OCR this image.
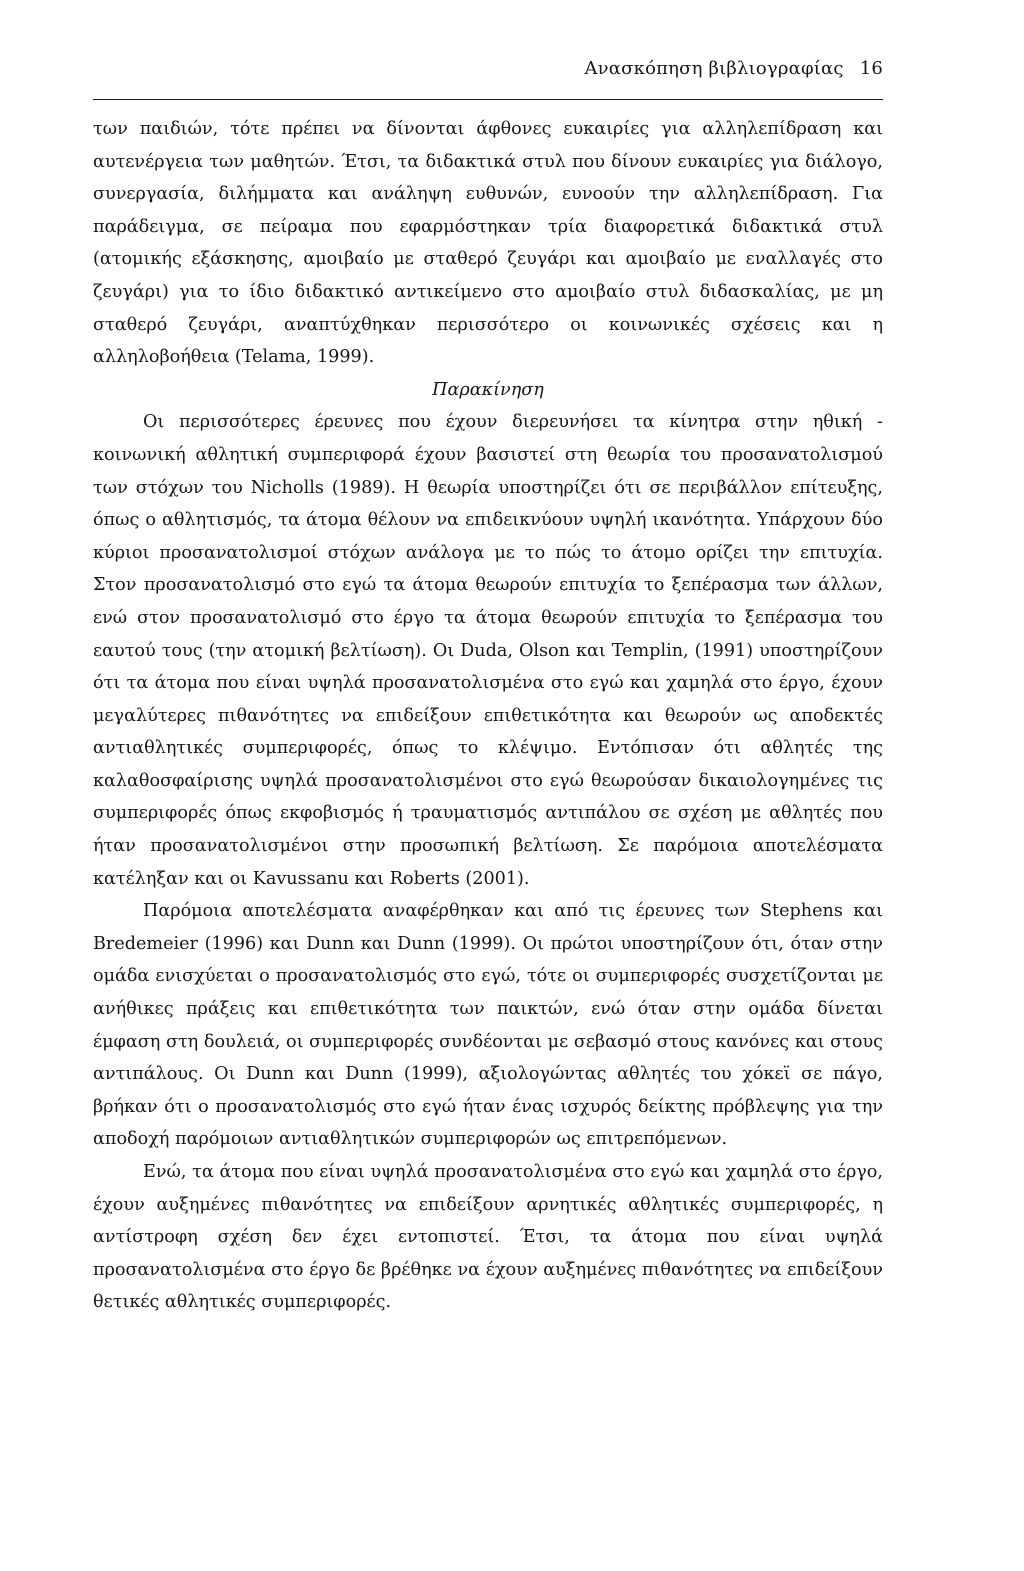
Ανασκόπηση βιβλιογραφίας 16

των παιδιών, τότε πρέπει να δίνονται άφθονες ευκαιρίες για αλληλεπίδραση και αυτενέργεια των μαθητών. Έτσι, τα διδακτικά στυλ που δίνουν ευκαιρίες για διάλογο, συνεργασία, διλήμματα και ανάληψη ευθυνών, ευνοούν την αλληλεπίδραση. Για παράδειγμα, σε πείραμα που εφαρμόστηκαν τρία διαφορετικά διδακτικά στυλ (ατομικής εξάσκησης, αμοιβαίο με σταθερό ζευγάρι και αμοιβαίο με εναλλαγές στο ζευγάρι) για το ίδιο διδακτικό αντικείμενο στο αμοιβαίο στυλ διδασκαλίας, με μη σταθερό ζευγάρι, αναπτύχθηκαν περισσότερο οι κοινωνικές σχέσεις και η αλληλοβοήθεια (Telama, 1999).

Παρακίνηση

Οι περισσότερες έρευνες που έχουν διερευνήσει τα κίνητρα στην ηθική - κοινωνική αθλητική συμπεριφορά έχουν βασιστεί στη θεωρία του προσανατολισμού των στόχων του Nicholls (1989). Η θεωρία υποστηρίζει ότι σε περιβάλλον επίτευξης, όπως ο αθλητισμός, τα άτομα θέλουν να επιδεικνύουν υψηλή ικανότητα. Υπάρχουν δύο κύριοι προσανατολισμοί στόχων ανάλογα με το πώς το άτομο ορίζει την επιτυχία. Στον προσανατολισμό στο εγώ τα άτομα θεωρούν επιτυχία το ξεπέρασμα των άλλων, ενώ στον προσανατολισμό στο έργο τα άτομα θεωρούν επιτυχία το ξεπέρασμα του εαυτού τους (την ατομική βελτίωση). Οι Duda, Olson και Templin, (1991) υποστηρίζουν ότι τα άτομα που είναι υψηλά προσανατολισμένα στο εγώ και χαμηλά στο έργο, έχουν μεγαλύτερες πιθανότητες να επιδείξουν επιθετικότητα και θεωρούν ως αποδεκτές αντιαθλητικές συμπεριφορές, όπως το κλέψιμο. Εντόπισαν ότι αθλητές της καλαθοσφαίρισης υψηλά προσανατολισμένοι στο εγώ θεωρούσαν δικαιολογημένες τις συμπεριφορές όπως εκφοβισμός ή τραυματισμός αντιπάλου σε σχέση με αθλητές που ήταν προσανατολισμένοι στην προσωπική βελτίωση. Σε παρόμοια αποτελέσματα κατέληξαν και οι Kavussanu και Roberts (2001).

Παρόμοια αποτελέσματα αναφέρθηκαν και από τις έρευνες των Stephens και Bredemeier (1996) και Dunn και Dunn (1999). Οι πρώτοι υποστηρίζουν ότι, όταν στην ομάδα ενισχύεται ο προσανατολισμός στο εγώ, τότε οι συμπεριφορές συσχετίζονται με ανήθικες πράξεις και επιθετικότητα των παικτών, ενώ όταν στην ομάδα δίνεται έμφαση στη δουλειά, οι συμπεριφορές συνδέονται με σεβασμό στους κανόνες και στους αντιπάλους. Οι Dunn και Dunn (1999), αξιολογώντας αθλητές του χόκεϊ σε πάγο, βρήκαν ότι ο προσανατολισμός στο εγώ ήταν ένας ισχυρός δείκτης πρόβλεψης για την αποδοχή παρόμοιων αντιαθλητικών συμπεριφορών ως επιτρεπόμενων.

Ενώ, τα άτομα που είναι υψηλά προσανατολισμένα στο εγώ και χαμηλά στο έργο, έχουν αυξημένες πιθανότητες να επιδείξουν αρνητικές αθλητικές συμπεριφορές, η αντίστροφη σχέση δεν έχει εντοπιστεί. Έτσι, τα άτομα που είναι υψηλά προσανατολισμένα στο έργο δε βρέθηκε να έχουν αυξημένες πιθανότητες να επιδείξουν θετικές αθλητικές συμπεριφορές.
